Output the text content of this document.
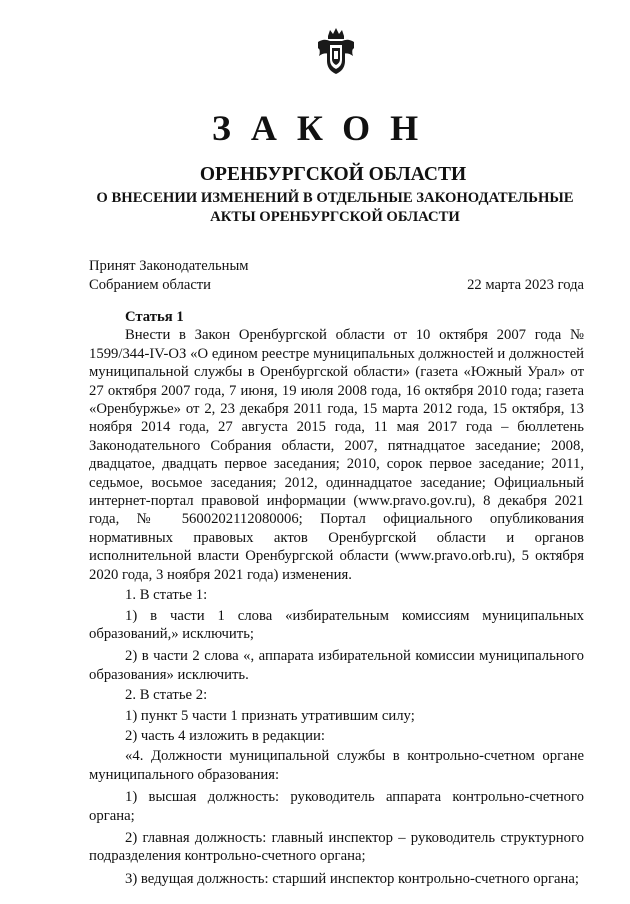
ЗАКОН
ОРЕНБУРГСКОЙ ОБЛАСТИ
О ВНЕСЕНИИ ИЗМЕНЕНИЙ В ОТДЕЛЬНЫЕ ЗАКОНОДАТЕЛЬНЫЕ
АКТЫ ОРЕНБУРГСКОЙ ОБЛАСТИ
Принят Законодательным
Собранием области	22 марта 2023 года

Статья 1

Внести в Закон Оренбургской области от 10 октября 2007 года № 1599/344-IV-ОЗ «О едином реестре муниципальных должностей и должностей муниципальной службы в Оренбургской области» (газета «Южный Урал» от 27 октября 2007 года, 7 июня, 19 июля 2008 года, 16 октября 2010 года; газета «Оренбуржье» от 2, 23 декабря 2011 года, 15 марта 2012 года, 15 октября, 13 ноября 2014 года, 27 августа 2015 года, 11 мая 2017 года – бюллетень Законодательного Собрания области, 2007, пятнадцатое заседание; 2008, двадцатое, двадцать первое заседания; 2010, сорок первое заседание; 2011, седьмое, восьмое заседания; 2012, одиннадцатое заседание; Официальный интернет-портал правовой информации (www.pravo.gov.ru), 8 декабря 2021 года, № 5600202112080006; Портал официального опубликования нормативных правовых актов Оренбургской области и органов исполнительной власти Оренбургской области (www.pravo.orb.ru), 5 октября 2020 года, 3 ноября 2021 года) изменения.

1. В статье 1:

1) в части 1 слова «избирательным комиссиям муниципальных образований,» исключить;

2) в части 2 слова «, аппарата избирательной комиссии муниципального образования» исключить.

2. В статье 2:

1) пункт 5 части 1 признать утратившим силу;

2) часть 4 изложить в редакции:

«4. Должности муниципальной службы в контрольно-счетном органе муниципального образования:

1) высшая должность: руководитель аппарата контрольно-счетного органа;

2) главная должность: главный инспектор – руководитель структурного подразделения контрольно-счетного органа;

3) ведущая должность: старший инспектор контрольно-счетного органа;
